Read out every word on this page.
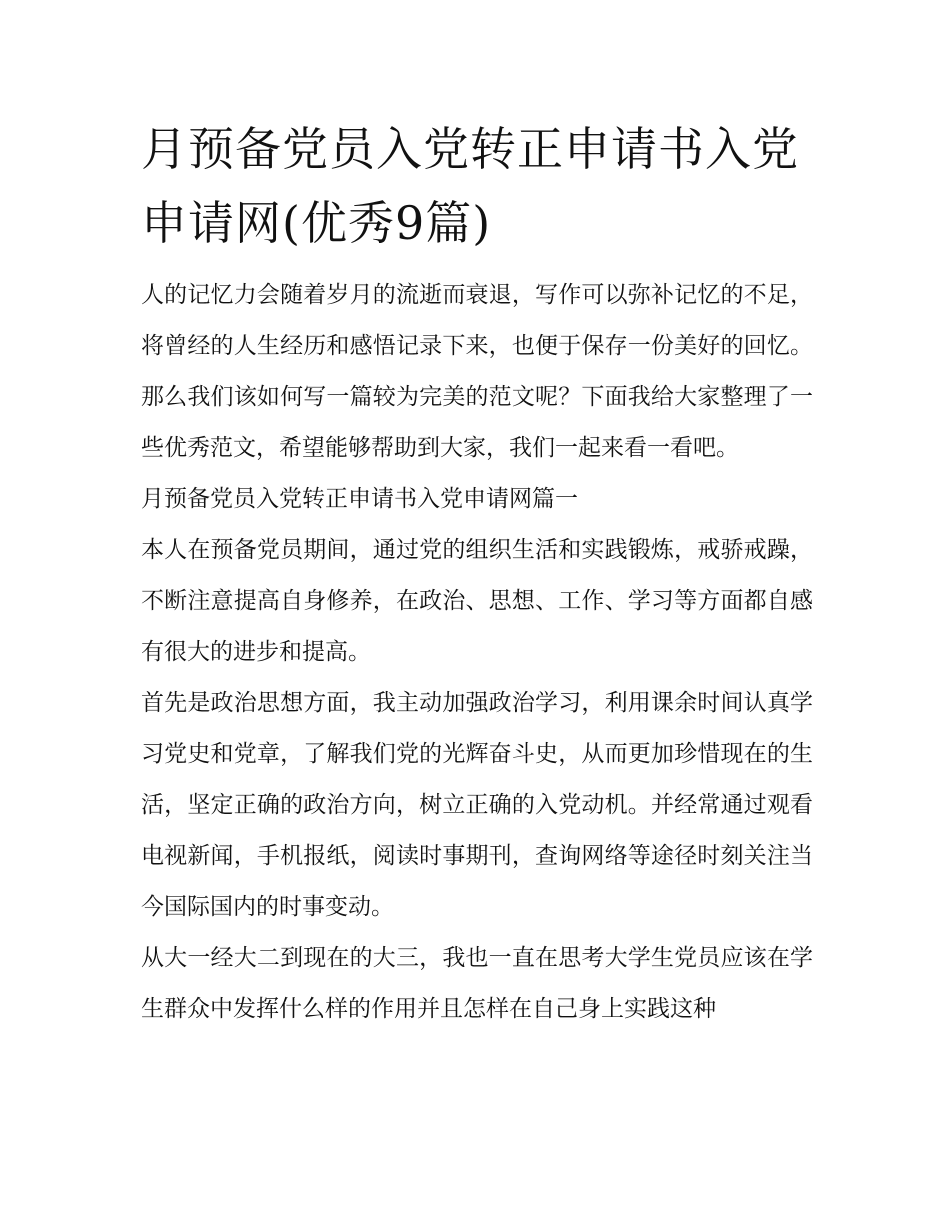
月预备党员入党转正申请书入党申请网(优秀9篇)

人的记忆力会随着岁月的流逝而衰退，写作可以弥补记忆的不足，将曾经的人生经历和感悟记录下来，也便于保存一份美好的回忆。那么我们该如何写一篇较为完美的范文呢？下面我给大家整理了一些优秀范文，希望能够帮助到大家，我们一起来看一看吧。

月预备党员入党转正申请书入党申请网篇一

本人在预备党员期间，通过党的组织生活和实践锻炼，戒骄戒躁，不断注意提高自身修养，在政治、思想、工作、学习等方面都自感有很大的进步和提高。

首先是政治思想方面，我主动加强政治学习，利用课余时间认真学习党史和党章，了解我们党的光辉奋斗史，从而更加珍惜现在的生活，坚定正确的政治方向，树立正确的入党动机。并经常通过观看电视新闻，手机报纸，阅读时事期刊，查询网络等途径时刻关注当今国际国内的时事变动。

从大一经大二到现在的大三，我也一直在思考大学生党员应该在学生群众中发挥什么样的作用并且怎样在自己身上实践这种
